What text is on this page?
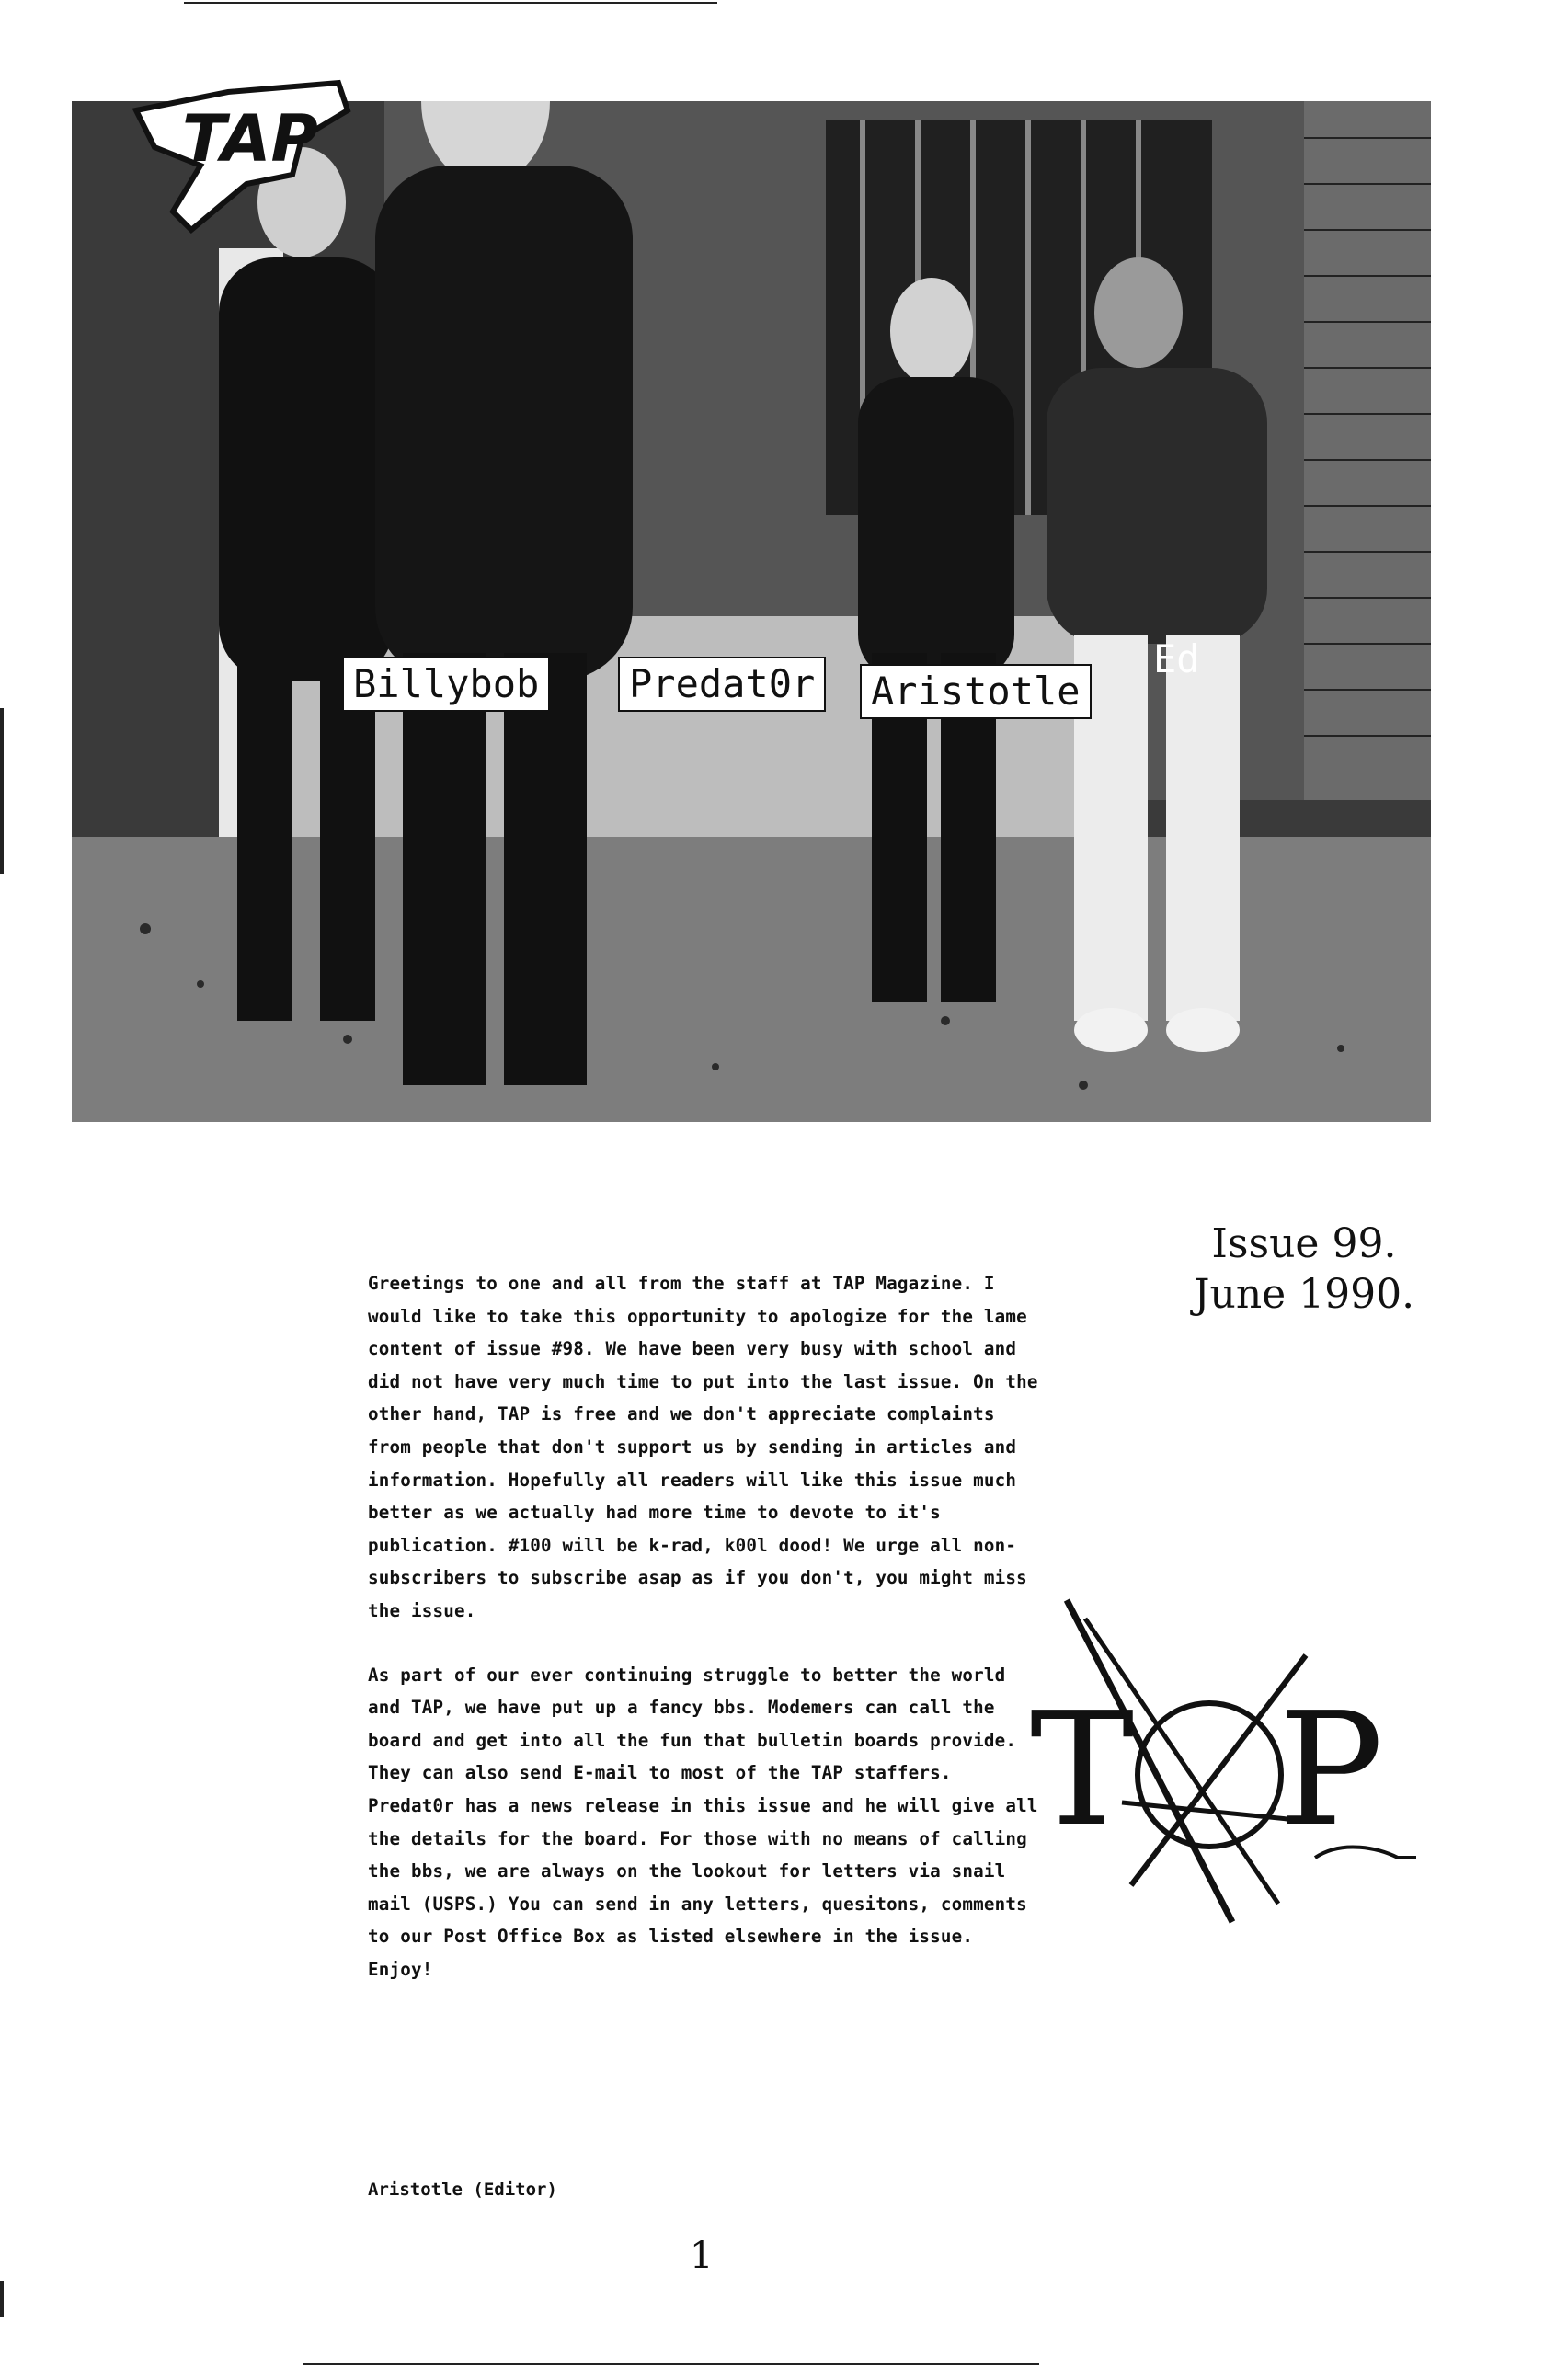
Billybob Predat0r Aristotle
Ed
TAP
Issue 99.
June 1990.

Greetings to one and all from the staff at TAP Magazine. I would like to take this opportunity to apologize for the lame content of issue #98. We have been very busy with school and did not have very much time to put into the last issue. On the other hand, TAP is free and we don't appreciate complaints from people that don't support us by sending in articles and information. Hopefully all readers will like this issue much better as we actually had more time to devote to it's publication. #100 will be k-rad, k00l dood! We urge all non-subscribers to subscribe asap as if you don't, you might miss the issue.

As part of our ever continuing struggle to better the world and TAP, we have put up a fancy bbs. Modemers can call the board and get into all the fun that bulletin boards provide. They can also send E-mail to most of the TAP staffers. Predat0r has a news release in this issue and he will give all the details for the board. For those with no means of calling the bbs, we are always on the lookout for letters via snail mail (USPS.) You can send in any letters, quesitons, comments to our Post Office Box as listed elsewhere in the issue. Enjoy!

Aristotle (Editor)
1
T P
